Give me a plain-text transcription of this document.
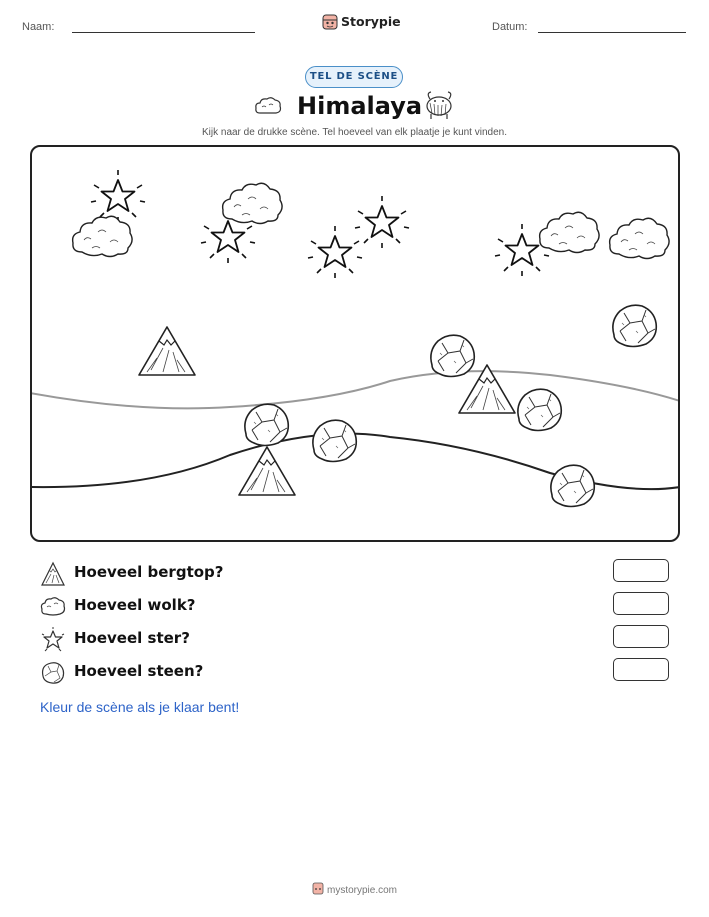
Naam:	Storypie	Datum:
TEL DE SCÈNE
Himalaya
Kijk naar de drukke scène. Tel hoeveel van elk plaatje je kunt vinden.
Hoeveel bergtop?
Hoeveel wolk?
Hoeveel ster?
Hoeveel steen?
Kleur de scène als je klaar bent!
mystorypie.com
